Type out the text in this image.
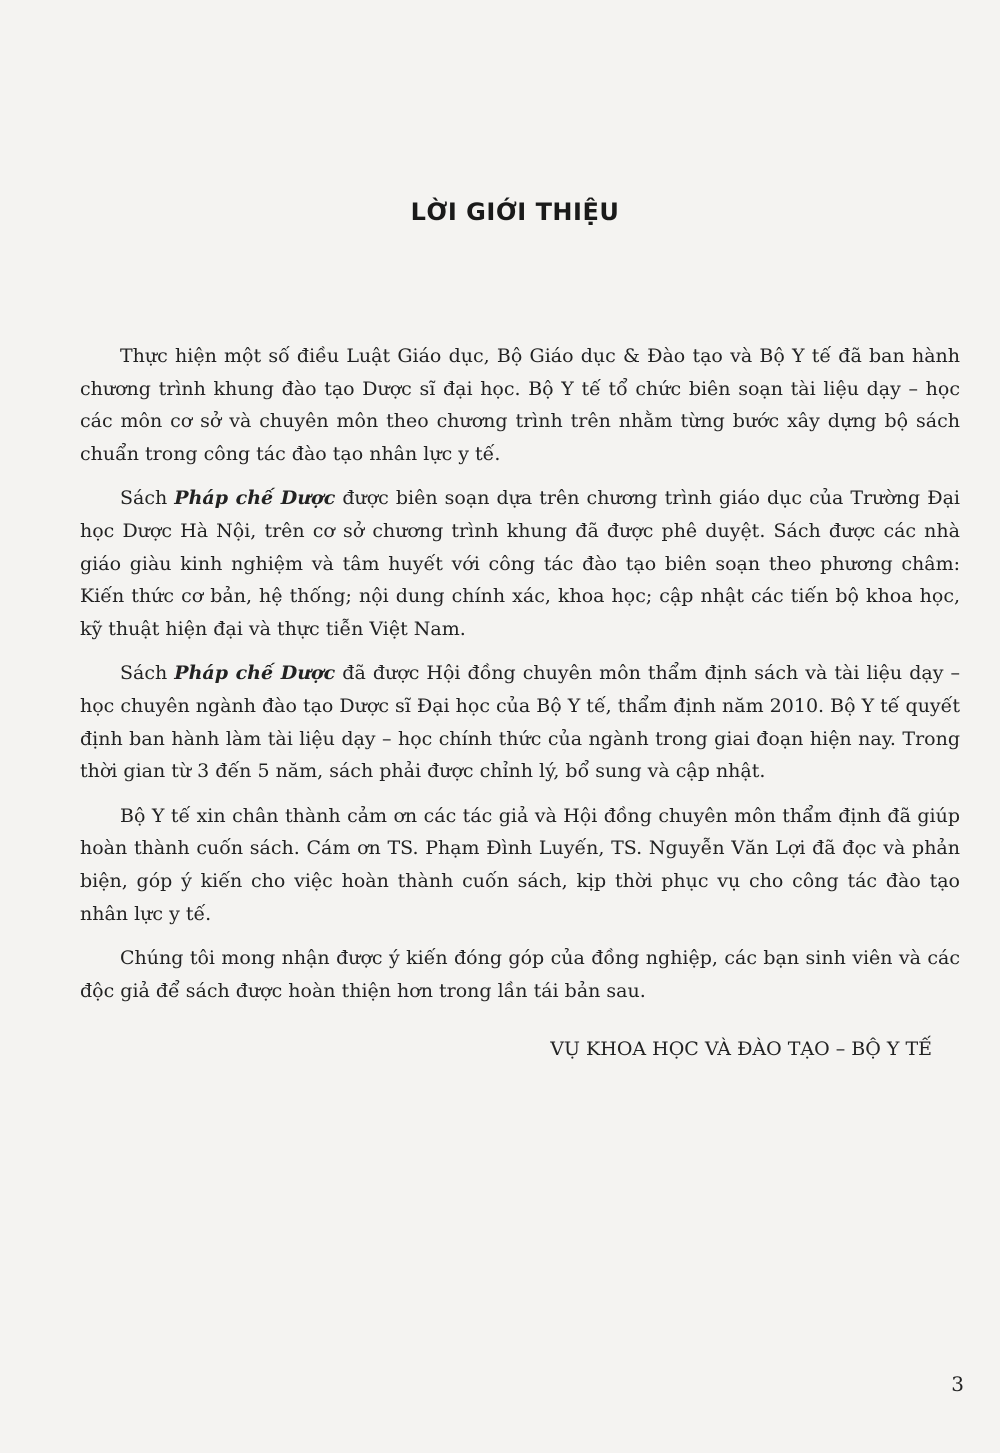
LỜI GIỚI THIỆU

Thực hiện một số điều Luật Giáo dục, Bộ Giáo dục & Đào tạo và Bộ Y tế đã ban hành chương trình khung đào tạo Dược sĩ đại học. Bộ Y tế tổ chức biên soạn tài liệu dạy – học các môn cơ sở và chuyên môn theo chương trình trên nhằm từng bước xây dựng bộ sách chuẩn trong công tác đào tạo nhân lực y tế.

Sách Pháp chế Dược được biên soạn dựa trên chương trình giáo dục của Trường Đại học Dược Hà Nội, trên cơ sở chương trình khung đã được phê duyệt. Sách được các nhà giáo giàu kinh nghiệm và tâm huyết với công tác đào tạo biên soạn theo phương châm: Kiến thức cơ bản, hệ thống; nội dung chính xác, khoa học; cập nhật các tiến bộ khoa học, kỹ thuật hiện đại và thực tiễn Việt Nam.

Sách Pháp chế Dược đã được Hội đồng chuyên môn thẩm định sách và tài liệu dạy – học chuyên ngành đào tạo Dược sĩ Đại học của Bộ Y tế, thẩm định năm 2010. Bộ Y tế quyết định ban hành làm tài liệu dạy – học chính thức của ngành trong giai đoạn hiện nay. Trong thời gian từ 3 đến 5 năm, sách phải được chỉnh lý, bổ sung và cập nhật.

Bộ Y tế xin chân thành cảm ơn các tác giả và Hội đồng chuyên môn thẩm định đã giúp hoàn thành cuốn sách. Cám ơn TS. Phạm Đình Luyến, TS. Nguyễn Văn Lợi đã đọc và phản biện, góp ý kiến cho việc hoàn thành cuốn sách, kịp thời phục vụ cho công tác đào tạo nhân lực y tế.

Chúng tôi mong nhận được ý kiến đóng góp của đồng nghiệp, các bạn sinh viên và các độc giả để sách được hoàn thiện hơn trong lần tái bản sau.

VỤ KHOA HỌC VÀ ĐÀO TẠO – BỘ Y TẾ
3
